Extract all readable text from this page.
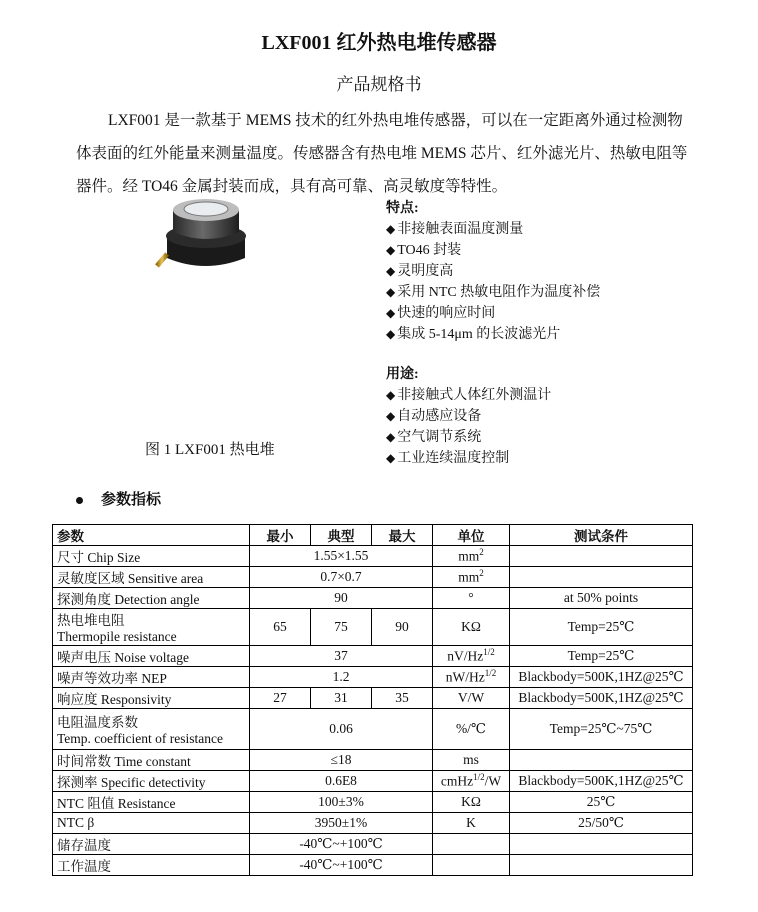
LXF001 红外热电堆传感器
产品规格书

LXF001 是一款基于 MEMS 技术的红外热电堆传感器，可以在一定距离外通过检测物体表面的红外能量来测量温度。传感器含有热电堆 MEMS 芯片、红外滤光片、热敏电阻等器件。经 TO46 金属封装而成，具有高可靠、高灵敏度等特性。

图 1 LXF001 热电堆
特点:
◆ 非接触表面温度测量
◆ TO46 封装
◆ 灵明度高
◆ 采用 NTC 热敏电阻作为温度补偿
◆ 快速的响应时间
◆ 集成 5-14μm 的长波滤光片
用途:
◆ 非接触式人体红外测温计
◆ 自动感应设备
◆ 空气调节系统
◆ 工业连续温度控制
参数指标
参数	最小	典型	最大	单位	测试条件
尺寸 Chip Size	1.55×1.55			$mm^2$	
灵敏度区域 Sensitive area	0.7×0.7			$mm^2$	
探测角度 Detection angle	90			°	at 50% points

热电堆电阻
Thermopile resistance	65	75	90	KΩ	Temp=25℃
噪声电压 Noise voltage	37			$nV/Hz^{1/2}$	Temp=25℃
噪声等效功率 NEP	1.2			$nW/Hz^{1/2}$	Blackbody=500K,1HZ@25℃
响应度 Responsivity	27	31	35	V/W	Blackbody=500K,1HZ@25℃

电阻温度系数
Temp. coefficient of resistance	0.06			%/℃	Temp=25℃~75℃
时间常数 Time constant	≤18			ms	
探测率 Specific detectivity	0.6E8			cmHz$^{1/2}$/W	Blackbody=500K,1HZ@25℃
NTC 阻值 Resistance	100±3%			KΩ	25℃
NTC β	3950±1%			K	25/50℃
储存温度	-40℃~+100℃				
工作温度	-40℃~+100℃				
